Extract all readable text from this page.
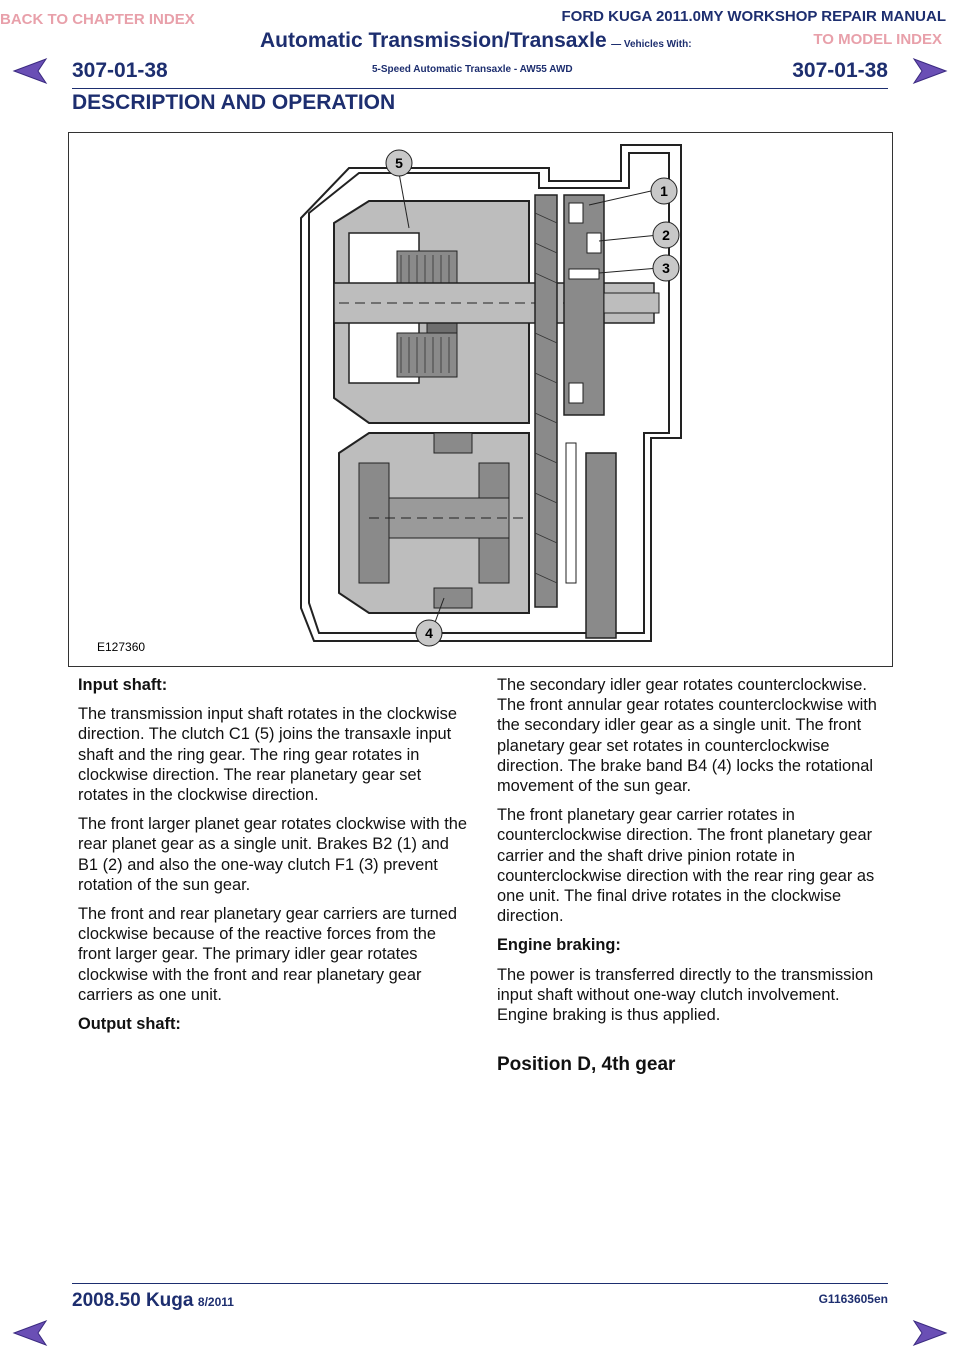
BACK TO CHAPTER INDEX
TO MODEL INDEX
FORD KUGA 2011.0MY WORKSHOP REPAIR MANUAL
Automatic Transmission/Transaxle — Vehicles With:
5-Speed Automatic Transaxle - AW55 AWD
307-01-38	307-01-38
DESCRIPTION AND OPERATION
5
1
2
3
4
E127360
Input shaft:

The transmission input shaft rotates in the clockwise direction. The clutch C1 (5) joins the transaxle input shaft and the ring gear. The ring gear rotates in clockwise direction. The rear planetary gear set rotates in the clockwise direction.

The front larger planet gear rotates clockwise with the rear planet gear as a single unit. Brakes B2 (1) and B1 (2) and also the one-way clutch F1 (3) prevent rotation of the sun gear.

The front and rear planetary gear carriers are turned clockwise because of the reactive forces from the front larger gear. The primary idler gear rotates clockwise with the front and rear planetary gear carriers as one unit.

Output shaft:

The secondary idler gear rotates counterclockwise. The front annular gear rotates counterclockwise with the secondary idler gear as a single unit. The front planetary gear set rotates in counterclockwise direction. The brake band B4 (4) locks the rotational movement of the sun gear.

The front planetary gear carrier rotates in counterclockwise direction. The front planetary gear carrier and the shaft drive pinion rotate in counterclockwise direction with the rear ring gear as one unit. The final drive rotates in the clockwise direction.

Engine braking:

The power is transferred directly to the transmission input shaft without one-way clutch involvement. Engine braking is thus applied.

Position D, 4th gear
2008.50 Kuga 8/2011	G1163605en
